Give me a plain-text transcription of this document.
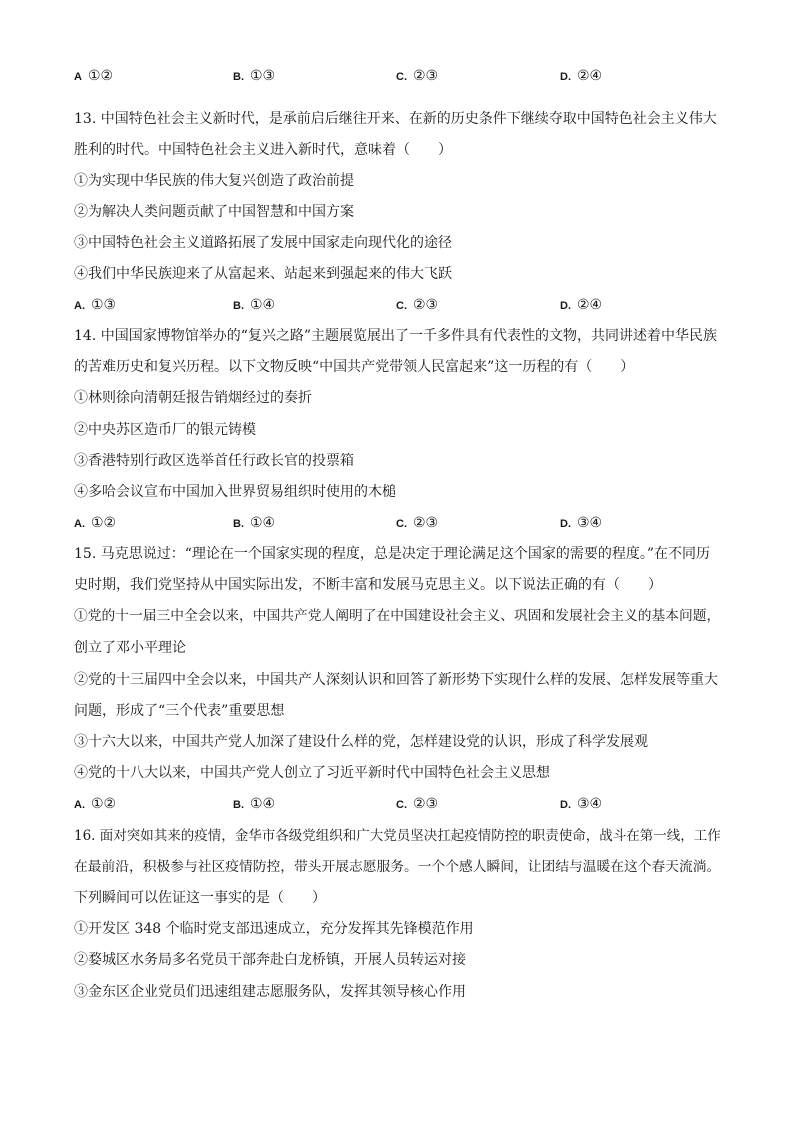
A ①②	B. ①③	C. ②③	D. ②④
13. 中国特色社会主义新时代，是承前启后继往开来、在新的历史条件下继续夺取中国特色社会主义伟大
胜利的时代。中国特色社会主义进入新时代，意味着（　　）
①为实现中华民族的伟大复兴创造了政治前提
②为解决人类问题贡献了中国智慧和中国方案
③中国特色社会主义道路拓展了发展中国家走向现代化的途径
④我们中华民族迎来了从富起来、站起来到强起来的伟大飞跃
A. ①③	B. ①④	C. ②③	D. ②④
14. 中国国家博物馆举办的“复兴之路”主题展览展出了一千多件具有代表性的文物，共同讲述着中华民族
的苦难历史和复兴历程。以下文物反映“中国共产党带领人民富起来”这一历程的有（　　）
①林则徐向清朝廷报告销烟经过的奏折
②中央苏区造币厂的银元铸模
③香港特别行政区选举首任行政长官的投票箱
④多哈会议宣布中国加入世界贸易组织时使用的木槌
A. ①②	B. ①④	C. ②③	D. ③④
15. 马克思说过：“理论在一个国家实现的程度，总是决定于理论满足这个国家的需要的程度。”在不同历
史时期，我们党坚持从中国实际出发，不断丰富和发展马克思主义。以下说法正确的有（　　）
①党的十一届三中全会以来，中国共产党人阐明了在中国建设社会主义、巩固和发展社会主义的基本问题，
创立了邓小平理论
②党的十三届四中全会以来，中国共产人深刻认识和回答了新形势下实现什么样的发展、怎样发展等重大
问题，形成了“三个代表”重要思想
③十六大以来，中国共产党人加深了建设什么样的党，怎样建设党的认识，形成了科学发展观
④党的十八大以来，中国共产党人创立了习近平新时代中国特色社会主义思想
A. ①②	B. ①④	C. ②③	D. ③④
16. 面对突如其来的疫情，金华市各级党组织和广大党员坚决扛起疫情防控的职责使命，战斗在第一线，工作
在最前沿，积极参与社区疫情防控，带头开展志愿服务。一个个感人瞬间，让团结与温暖在这个春天流淌。
下列瞬间可以佐证这一事实的是（　　）
①开发区 348 个临时党支部迅速成立，充分发挥其先锋模范作用
②婺城区水务局多名党员干部奔赴白龙桥镇，开展人员转运对接
③金东区企业党员们迅速组建志愿服务队，发挥其领导核心作用
